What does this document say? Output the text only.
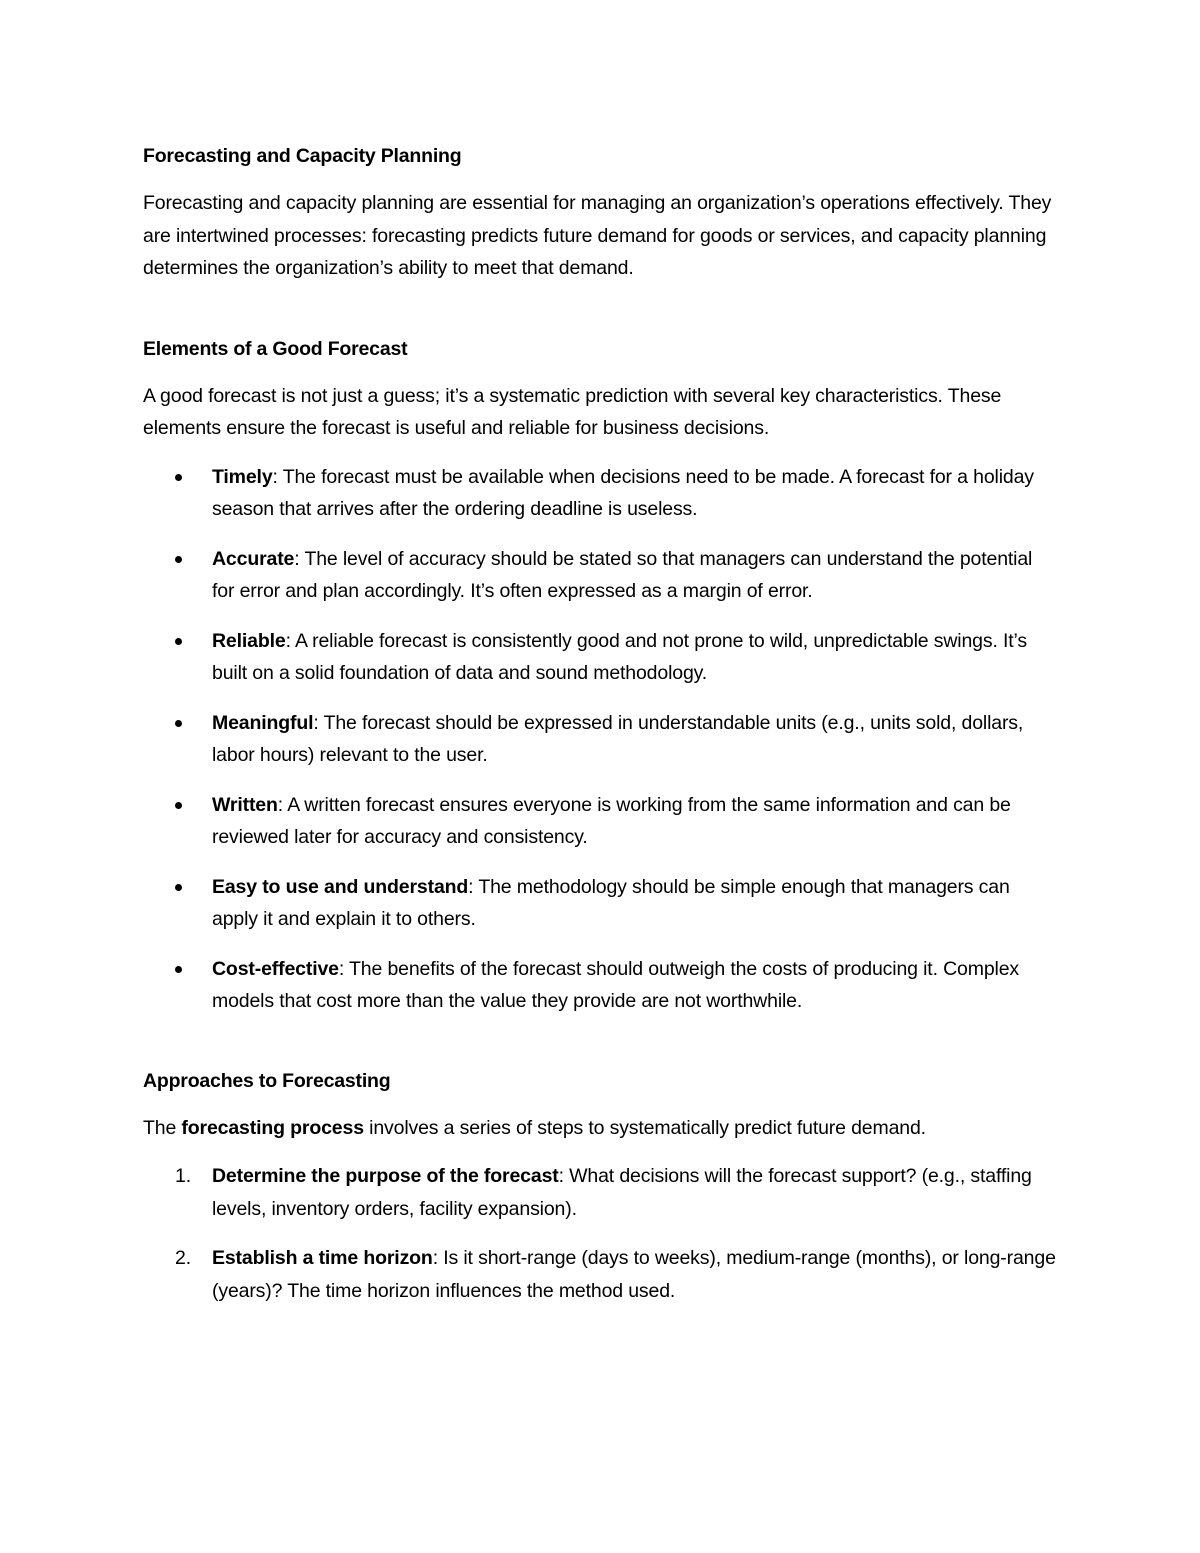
Forecasting and Capacity Planning

Forecasting and capacity planning are essential for managing an organization’s operations effectively. They are intertwined processes: forecasting predicts future demand for goods or services, and capacity planning determines the organization’s ability to meet that demand.

Elements of a Good Forecast

A good forecast is not just a guess; it’s a systematic prediction with several key characteristics. These elements ensure the forecast is useful and reliable for business decisions.

Timely: The forecast must be available when decisions need to be made. A forecast for a holiday season that arrives after the ordering deadline is useless.
Accurate: The level of accuracy should be stated so that managers can understand the potential for error and plan accordingly. It’s often expressed as a margin of error.
Reliable: A reliable forecast is consistently good and not prone to wild, unpredictable swings. It’s built on a solid foundation of data and sound methodology.
Meaningful: The forecast should be expressed in understandable units (e.g., units sold, dollars, labor hours) relevant to the user.
Written: A written forecast ensures everyone is working from the same information and can be reviewed later for accuracy and consistency.
Easy to use and understand: The methodology should be simple enough that managers can apply it and explain it to others.
Cost-effective: The benefits of the forecast should outweigh the costs of producing it. Complex models that cost more than the value they provide are not worthwhile.
Approaches to Forecasting

The forecasting process involves a series of steps to systematically predict future demand.

1. Determine the purpose of the forecast: What decisions will the forecast support? (e.g., staffing levels, inventory orders, facility expansion).
2. Establish a time horizon: Is it short-range (days to weeks), medium-range (months), or long-range (years)? The time horizon influences the method used.
